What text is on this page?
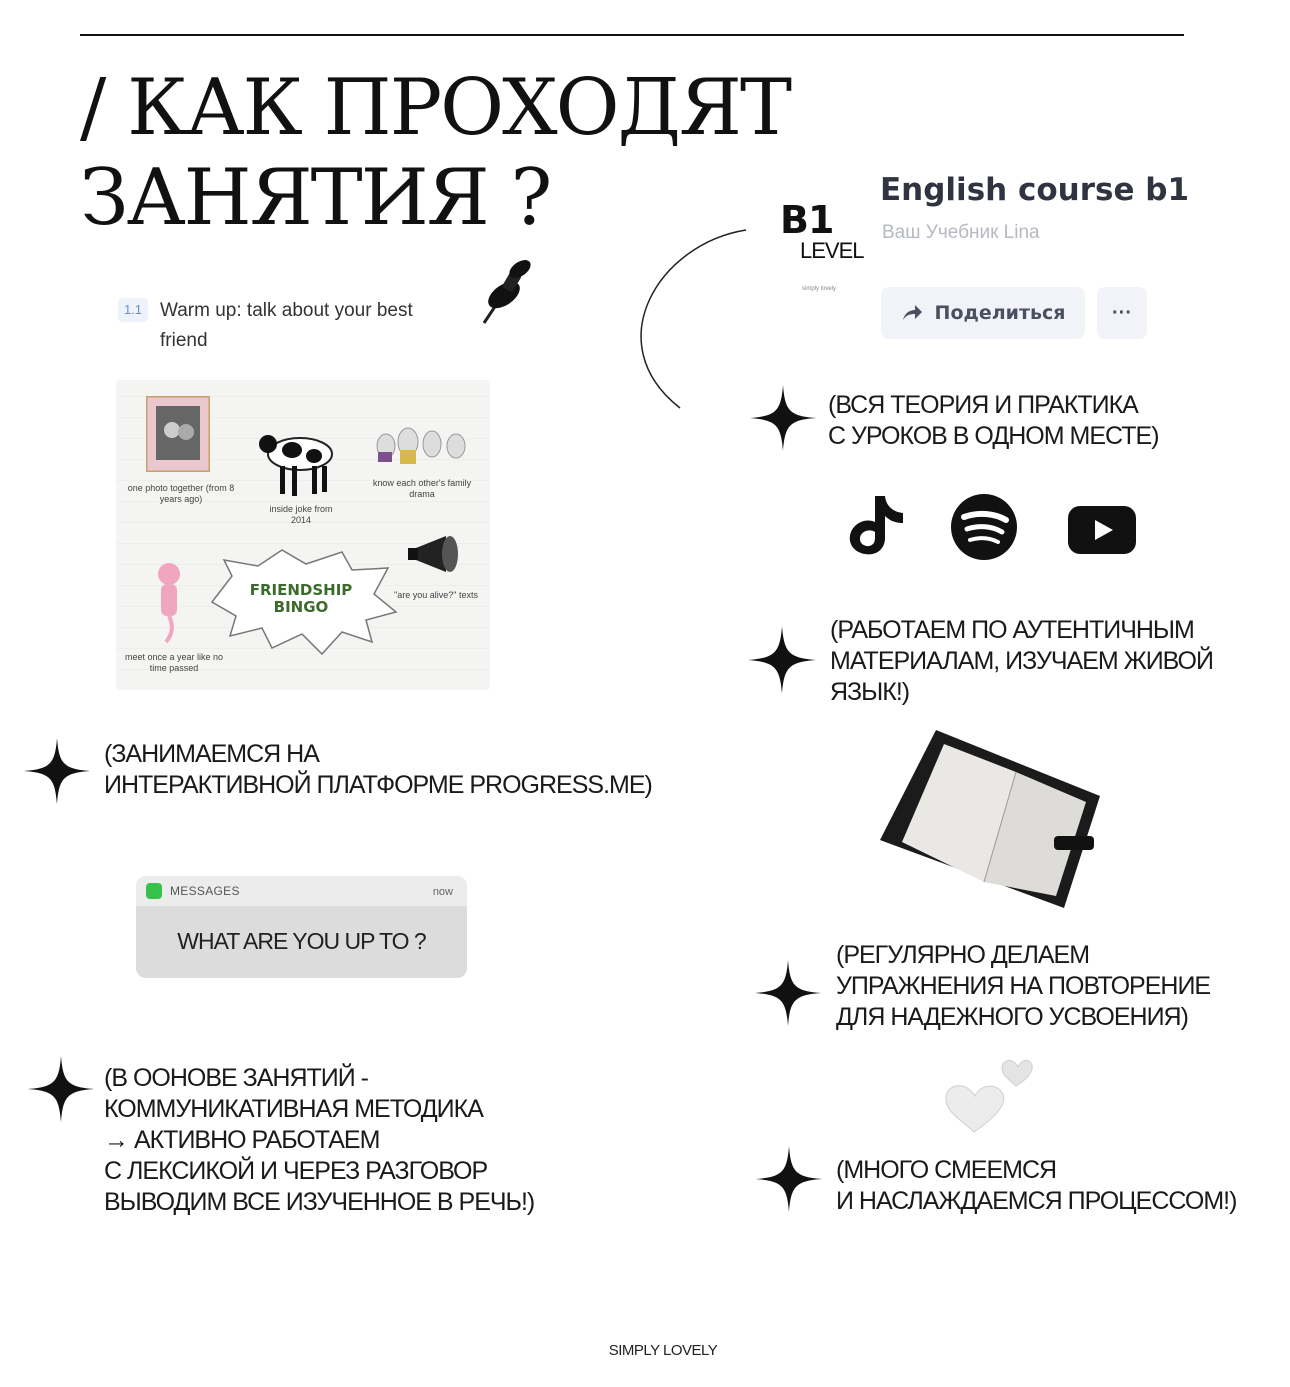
/ КАК ПРОХОДЯТ
ЗАНЯТИЯ ?
1.1 Warm up: talk about your best friend
one photo together (from 8 years ago)
inside joke from 2014
know each other's family drama
"are you alive?" texts
FRIENDSHIP BINGO
meet once a year like no time passed
B1
LEVEL
simply lovely
English course b1
Ваш Учебник Lina
Поделиться	···
(ВСЯ ТЕОРИЯ И ПРАКТИКА
С УРОКОВ В ОДНОМ МЕСТЕ)
(РАБОТАЕМ ПО АУТЕНТИЧНЫМ
МАТЕРИАЛАМ, ИЗУЧАЕМ ЖИВОЙ
ЯЗЫК!)
(ЗАНИМАЕМСЯ НА
ИНТЕРАКТИВНОЙ ПЛАТФОРМЕ PROGRESS.ME)
MESSAGES	now
WHAT ARE YOU UP TO ?	(РЕГУЛЯРНО ДЕЛАЕМ
УПРАЖНЕНИЯ НА ПОВТОРЕНИЕ
ДЛЯ НАДЕЖНОГО УСВОЕНИЯ)
(В ООНОВЕ ЗАНЯТИЙ -
КОММУНИКАТИВНАЯ МЕТОДИКА
→ АКТИВНО РАБОТАЕМ
С ЛЕКСИКОЙ И ЧЕРЕЗ РАЗГОВОР
ВЫВОДИМ ВСЕ ИЗУЧЕННОЕ В РЕЧЬ!)
(МНОГО СМЕЕМСЯ
И НАСЛАЖДАЕМСЯ ПРОЦЕССОМ!)
SIMPLY LOVELY
